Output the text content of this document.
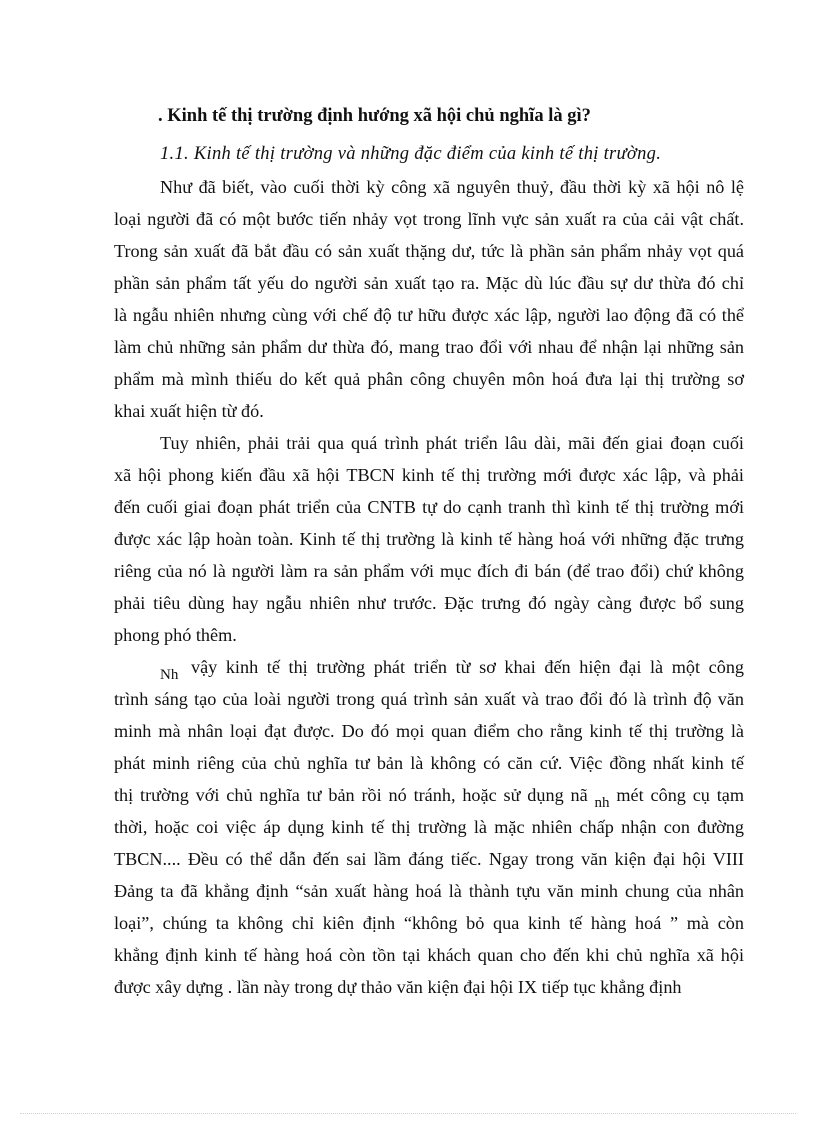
. Kinh tế thị trường định hướng xã hội chủ nghĩa là gì?
1.1. Kinh tế thị trường và những đặc điểm của kinh tế thị trường.
Như đã biết, vào cuối thời kỳ công xã nguyên thuỷ, đầu thời kỳ xã hội nô lệ
loại người đã có một bước tiến nhảy vọt trong lĩnh vực sản xuất ra của cải vật chất.
Trong sản xuất đã bắt đầu có sản xuất thặng dư, tức là phần sản phẩm nhảy vọt quá
phần sản phẩm tất yếu do người sản xuất tạo ra. Mặc dù lúc đầu sự dư thừa đó chỉ
là ngẫu nhiên nhưng cùng với chế độ tư hữu được xác lập, người lao động đã có thể
làm chủ những sản phẩm dư thừa đó, mang trao đổi với nhau để nhận lại những sản
phẩm mà mình thiếu do kết quả phân công chuyên môn hoá đưa lại thị trường sơ
khai xuất hiện từ đó.
Tuy nhiên, phải trải qua quá trình phát triển lâu dài, mãi đến giai đoạn cuối
xã hội phong kiến đầu xã hội TBCN kinh tế thị trường mới được xác lập, và phải
đến cuối giai đoạn phát triển của CNTB tự do cạnh tranh thì kinh tế thị trường mới
được xác lập hoàn toàn. Kinh tế thị trường là kinh tế hàng hoá với những đặc trưng
riêng của nó là người làm ra sản phẩm với mục đích đi bán (để trao đổi) chứ không
phải tiêu dùng hay ngẫu nhiên như trước. Đặc trưng đó ngày càng được bổ sung
phong phó thêm.
$_{Nh}$ vậy kinh tế thị trường phát triển từ sơ khai đến hiện đại là một công
trình sáng tạo của loài người trong quá trình sản xuất và trao đổi đó là trình độ văn
minh mà nhân loại đạt được. Do đó mọi quan điểm cho rằng kinh tế thị trường là
phát minh riêng của chủ nghĩa tư bản là không có căn cứ. Việc đồng nhất kinh tế
thị trường với chủ nghĩa tư bản rồi nó tránh, hoặc sử dụng nã $_{nh}$ mét công cụ tạm
thời, hoặc coi việc áp dụng kinh tế thị trường là mặc nhiên chấp nhận con đường
TBCN.... Đều có thể dẫn đến sai lầm đáng tiếc. Ngay trong văn kiện đại hội VIII
Đảng ta đã khẳng định “sản xuất hàng hoá là thành tựu văn minh chung của nhân
loại”, chúng ta không chỉ kiên định “không bỏ qua kinh tế hàng hoá ” mà còn
khẳng định kinh tế hàng hoá còn tồn tại khách quan cho đến khi chủ nghĩa xã hội
được xây dựng . lần này trong dự thảo văn kiện đại hội IX tiếp tục khẳng định
